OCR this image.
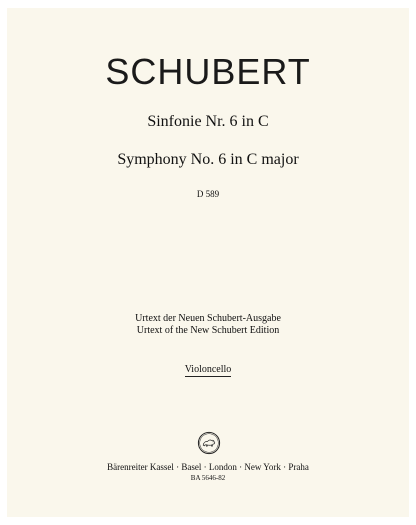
SCHUBERT

Sinfonie Nr. 6 in C

Symphony No. 6 in C major

D 589

Urtext der Neuen Schubert-Ausgabe

Urtext of the New Schubert Edition

Violoncello

Bärenreiter Kassel · Basel · London · New York · Praha

BA 5646-82
